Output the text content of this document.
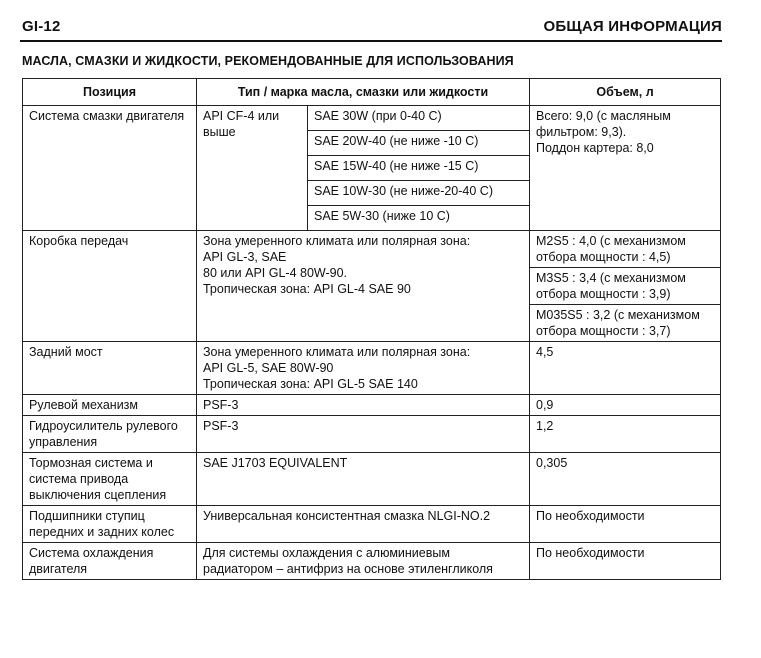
GI-12	ОБЩАЯ ИНФОРМАЦИЯ
МАСЛА, СМАЗКИ И ЖИДКОСТИ, РЕКОМЕНДОВАННЫЕ ДЛЯ ИСПОЛЬЗОВАНИЯ
Позиция	Тип / марка масла, смазки или жидкости		Объем, л
Система смазки двигателя	API CF-4 или выше	SAE 30W (при 0-40 C)	Всего: 9,0 (с масляным фильтром: 9,3).
Поддон картера: 8,0

		SAE 20W-40 (не ниже -10 C)	
		SAE 15W-40 (не ниже -15 C)	
		SAE 10W-30 (не ниже-20-40 C)	
		SAE 5W-30 (ниже 10 C)	
Коробка передач	Зона умеренного климата или полярная зона:
API GL-3, SAE
80 или API GL-4 80W-90.
Тропическая зона: API GL-4 SAE 90		M2S5 : 4,0 (с механизмом отбора мощности : 4,5)
			M3S5 : 3,4 (с механизмом отбора мощности : 3,9)
			M035S5 : 3,2 (с механизмом отбора мощности : 3,7)
Задний мост	Зона умеренного климата или полярная зона:
API GL-5, SAE 80W-90
Тропическая зона: API GL-5 SAE 140		4,5
Рулевой механизм	PSF-3		0,9
Гидроусилитель рулевого управления	PSF-3		1,2
Тормозная система и система привода выключения сцепления	SAE J1703 EQUIVALENT		0,305
Подшипники ступиц передних и задних колес	Универсальная консистентная смазка NLGI-NO.2		По необходимости
Система охлаждения двигателя	Для системы охлаждения с алюминиевым радиатором – антифриз на основе этиленгликоля		По необходимости
